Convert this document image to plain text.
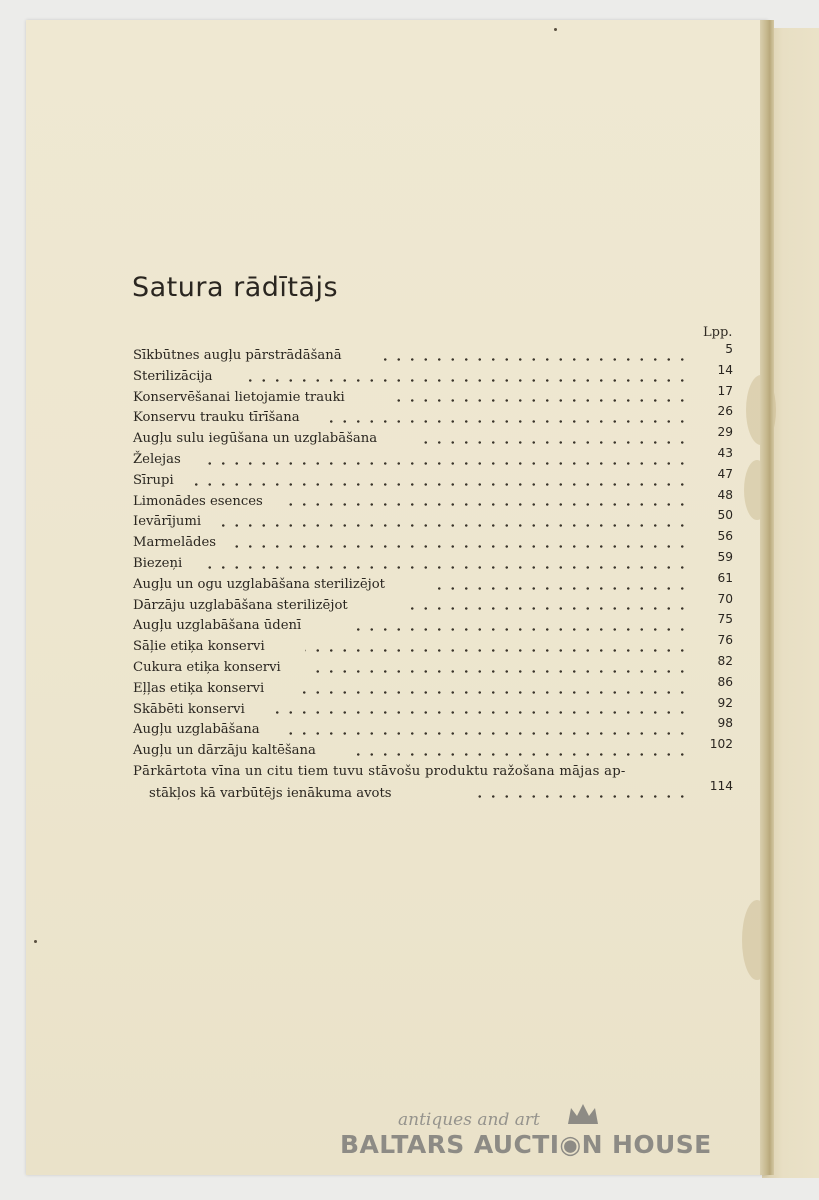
Satura rādītājs
Lpp.
Sīkbūtnes augļu pārstrādāšanā	5
Sterilizācija	14
Konservēšanai lietojamie trauki	17
Konservu trauku tīrīšana	26
Augļu sulu iegūšana un uzglabāšana	29
Želejas	43
Sīrupi	47
Limonādes esences	48
Ievārījumi	50
Marmelādes	56
Biezeņi	59
Augļu un ogu uzglabāšana sterilizējot	61
Dārzāju uzglabāšana sterilizējot	70
Augļu uzglabāšana ūdenī	75
Sāļie etiķa konservi	76
Cukura etiķa konservi	82
Eļļas etiķa konservi	86
Skābēti konservi	92
Augļu uzglabāšana	98
Augļu un dārzāju kaltēšana	102
Pārkārtota vīna un citu tiem tuvu stāvošu produktu ražošana mājas ap-
stākļos kā varbūtējs ienākuma avots	114
antiques and art
BALTARS AUCTI◉N HOUSE
